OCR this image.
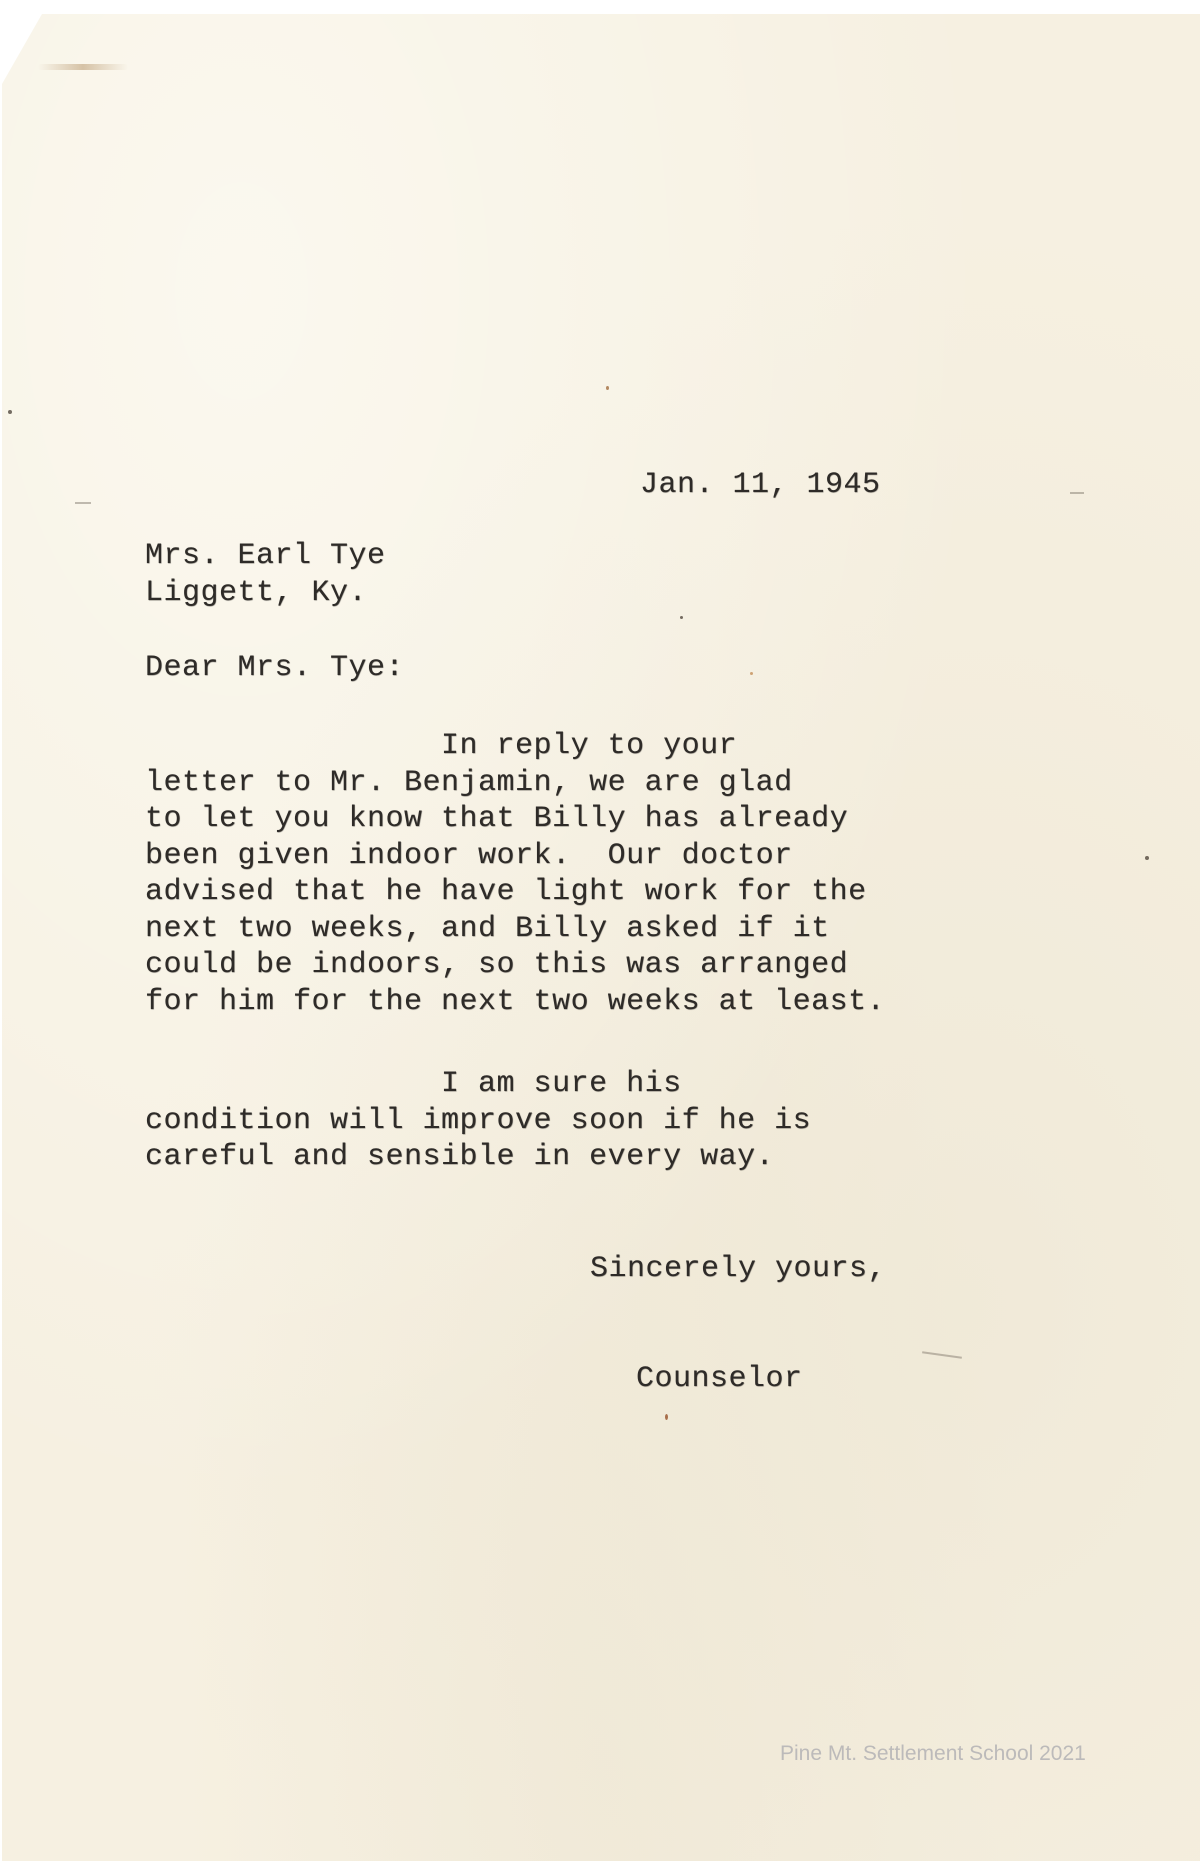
Jan. 11, 1945

Mrs. Earl Tye
Liggett, Ky.

Dear Mrs. Tye:

In reply to your
letter to Mr. Benjamin, we are glad
to let you know that Billy has already
been given indoor work.  Our doctor
advised that he have light work for the
next two weeks, and Billy asked if it
could be indoors, so this was arranged
for him for the next two weeks at least.
I am sure his
condition will improve soon if he is
careful and sensible in every way.

Sincerely yours,

Counselor

Pine Mt. Settlement School 2021
